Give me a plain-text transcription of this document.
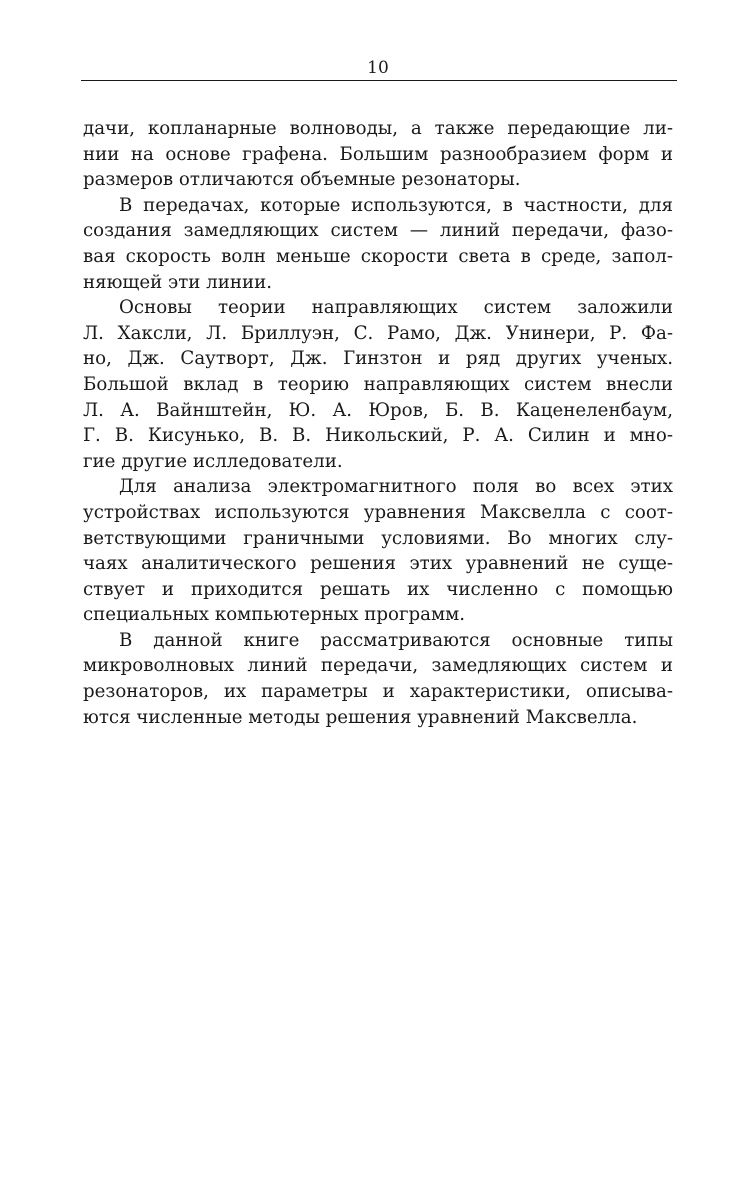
10
дачи, копланарные волноводы, а также передающие ли-
нии на основе графена. Большим разнообразием форм и
размеров отличаются объемные резонаторы.
В передачах, которые используются, в частности, для
создания замедляющих систем — линий передачи, фазо-
вая скорость волн меньше скорости света в среде, запол-
няющей эти линии.
Основы теории направляющих систем заложили
Л. Хаксли, Л. Бриллуэн, С. Рамо, Дж. Унинери, Р. Фа-
но, Дж. Саутворт, Дж. Гинзтон и ряд других ученых.
Большой вклад в теорию направляющих систем внесли
Л. А. Вайнштейн, Ю. А. Юров, Б. В. Каценеленбаум,
Г. В. Кисунько, В. В. Никольский, Р. А. Силин и мно-
гие другие ислледователи.
Для анализа электромагнитного поля во всех этих
устройствах используются уравнения Максвелла с соот-
ветствующими граничными условиями. Во многих слу-
чаях аналитического решения этих уравнений не суще-
ствует и приходится решать их численно с помощью
специальных компьютерных программ.
В данной книге рассматриваются основные типы
микроволновых линий передачи, замедляющих систем и
резонаторов, их параметры и характеристики, описыва-
ются численные методы решения уравнений Максвелла.
